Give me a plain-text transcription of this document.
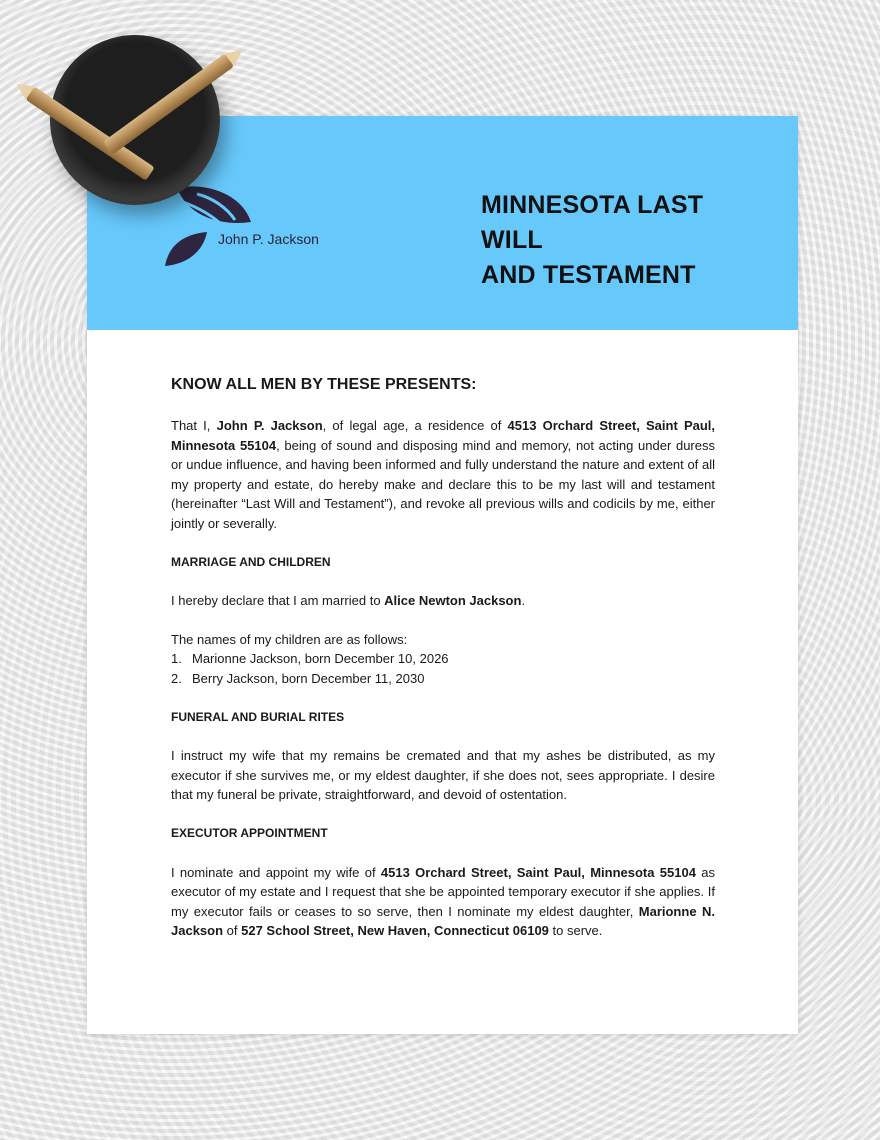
John P. Jackson
MINNESOTA LAST WILL
AND TESTAMENT
KNOW ALL MEN BY THESE PRESENTS:

That I, John P. Jackson, of legal age, a residence of 4513 Orchard Street, Saint Paul, Minnesota 55104, being of sound and disposing mind and memory, not acting under duress or undue influence, and having been informed and fully understand the nature and extent of all my property and estate, do hereby make and declare this to be my last will and testament (hereinafter “Last Will and Testament”), and revoke all previous wills and codicils by me, either jointly or severally.

MARRIAGE AND CHILDREN

I hereby declare that I am married to Alice Newton Jackson.

The names of my children are as follows:

1. Marionne Jackson, born December 10, 2026
2. Berry Jackson, born December 11, 2030
FUNERAL AND BURIAL RITES

I instruct my wife that my remains be cremated and that my ashes be distributed, as my executor if she survives me, or my eldest daughter, if she does not, sees appropriate. I desire that my funeral be private, straightforward, and devoid of ostentation.

EXECUTOR APPOINTMENT

I nominate and appoint my wife of 4513 Orchard Street, Saint Paul, Minnesota 55104 as executor of my estate and I request that she be appointed temporary executor if she applies. If my executor fails or ceases to so serve, then I nominate my eldest daughter, Marionne N. Jackson of 527 School Street, New Haven, Connecticut 06109 to serve.
